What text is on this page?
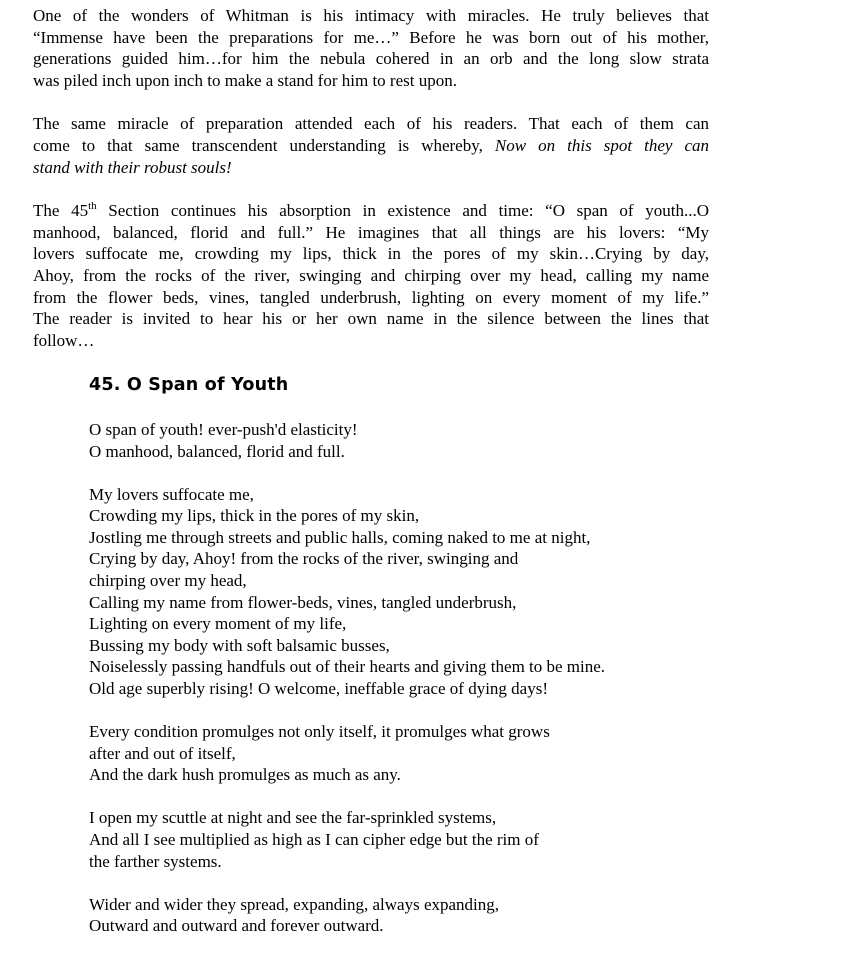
One of the wonders of Whitman is his intimacy with miracles. He truly believes that
“Immense have been the preparations for me…” Before he was born out of his mother,
generations guided him…for him the nebula cohered in an orb and the long slow strata
was piled inch upon inch to make a stand for him to rest upon.

The same miracle of preparation attended each of his readers. That each of them can
come to that same transcendent understanding is whereby, Now on this spot they can
stand with their robust souls!

The 45th Section continues his absorption in existence and time: “O span of youth...O
manhood, balanced, florid and full.” He imagines that all things are his lovers: “My
lovers suffocate me, crowding my lips, thick in the pores of my skin…Crying by day,
Ahoy, from the rocks of the river, swinging and chirping over my head, calling my name
from the flower beds, vines, tangled underbrush, lighting on every moment of my life.”
The reader is invited to hear his or her own name in the silence between the lines that
follow…

45. O Span of Youth
O span of youth! ever-push'd elasticity!
O manhood, balanced, florid and full.
My lovers suffocate me,
Crowding my lips, thick in the pores of my skin,
Jostling me through streets and public halls, coming naked to me at night,
Crying by day, Ahoy! from the rocks of the river, swinging and
chirping over my head,
Calling my name from flower-beds, vines, tangled underbrush,
Lighting on every moment of my life,
Bussing my body with soft balsamic busses,
Noiselessly passing handfuls out of their hearts and giving them to be mine.
Old age superbly rising! O welcome, ineffable grace of dying days!
Every condition promulges not only itself, it promulges what grows
after and out of itself,
And the dark hush promulges as much as any.
I open my scuttle at night and see the far-sprinkled systems,
And all I see multiplied as high as I can cipher edge but the rim of
the farther systems.
Wider and wider they spread, expanding, always expanding,
Outward and outward and forever outward.
